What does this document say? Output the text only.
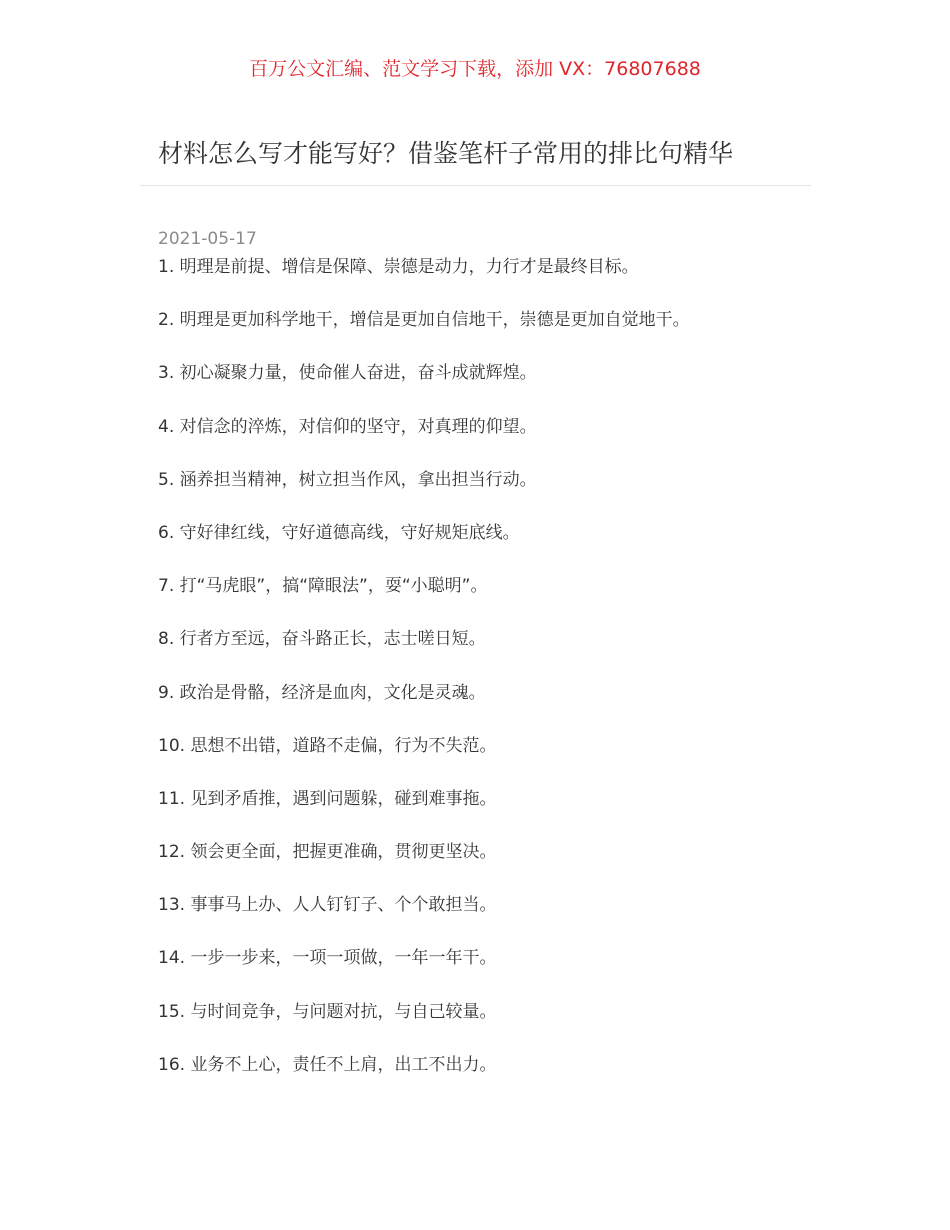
百万公文汇编、范文学习下载，添加 VX：76807688
材料怎么写才能写好？借鉴笔杆子常用的排比句精华
2021-05-17
1. 明理是前提、增信是保障、崇德是动力，力行才是最终目标。
2. 明理是更加科学地干，增信是更加自信地干，崇德是更加自觉地干。
3. 初心凝聚力量，使命催人奋进，奋斗成就辉煌。
4. 对信念的淬炼，对信仰的坚守，对真理的仰望。
5. 涵养担当精神，树立担当作风，拿出担当行动。
6. 守好律红线，守好道德高线，守好规矩底线。
7. 打“马虎眼”，搞“障眼法”，耍“小聪明”。
8. 行者方至远，奋斗路正长，志士嗟日短。
9. 政治是骨骼，经济是血肉，文化是灵魂。
10. 思想不出错，道路不走偏，行为不失范。
11. 见到矛盾推，遇到问题躲，碰到难事拖。
12. 领会更全面，把握更准确，贯彻更坚决。
13. 事事马上办、人人钉钉子、个个敢担当。
14. 一步一步来，一项一项做，一年一年干。
15. 与时间竞争，与问题对抗，与自己较量。
16. 业务不上心，责任不上肩，出工不出力。
